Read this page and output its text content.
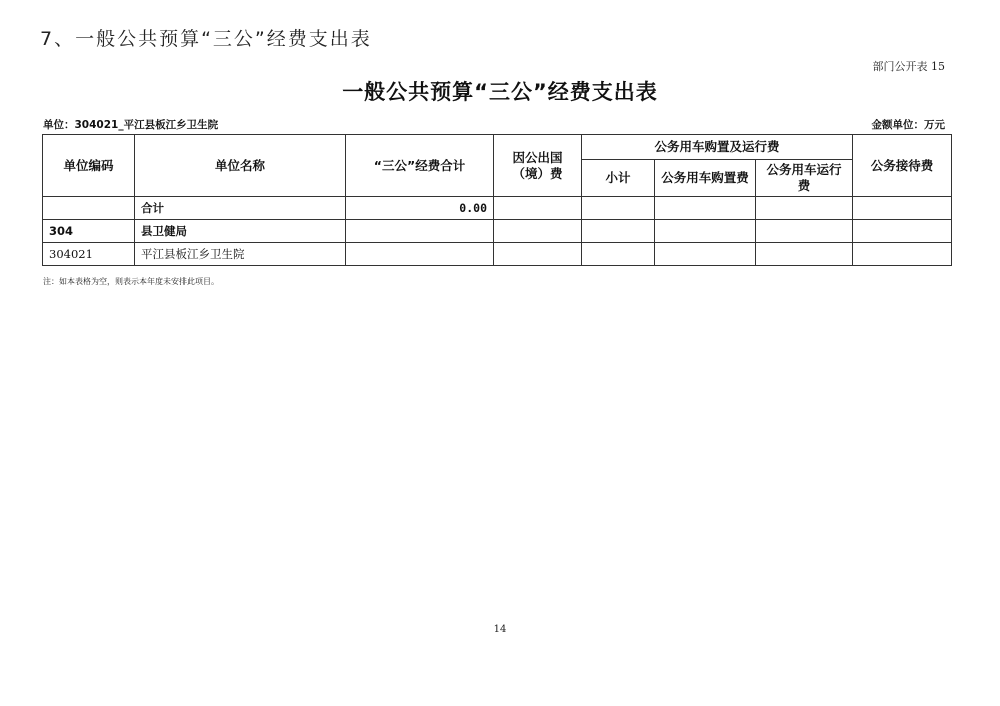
7、一般公共预算“三公”经费支出表
部门公开表 15
一般公共预算“三公”经费支出表
单位：304021_平江县板江乡卫生院	金额单位：万元
单位编码	单位名称	“三公”经费合计	因公出国（境）费	公务用车购置及运行费			公务接待费
				小计	公务用车购置费	公务用车运行费	
	合计	0.00					
304	县卫健局						
304021	平江县板江乡卫生院						
注：如本表格为空，则表示本年度未安排此项目。
14
